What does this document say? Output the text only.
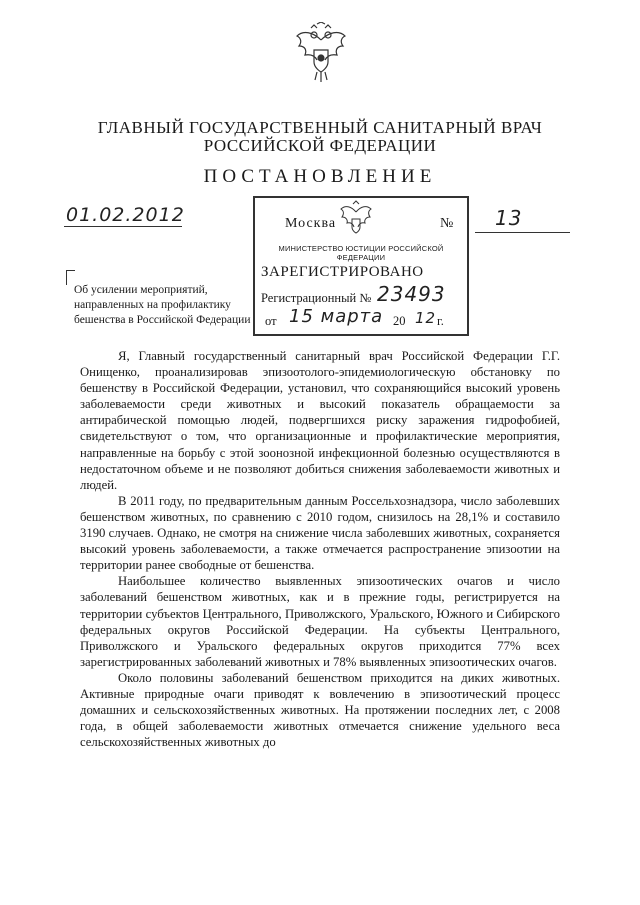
ГЛАВНЫЙ ГОСУДАРСТВЕННЫЙ САНИТАРНЫЙ ВРАЧ
РОССИЙСКОЙ ФЕДЕРАЦИИ
ПОСТАНОВЛЕНИЕ
01.02.2012	Москва
МИНИСТЕРСТВО ЮСТИЦИИ РОССИЙСКОЙ ФЕДЕРАЦИИ
ЗАРЕГИСТРИРОВАНО
Регистрационный № 23493
от 15 марта 20 12 г.
№ 13
Об усилении мероприятий, направленных на профилактику бешенства в Российской Федерации

Я, Главный государственный санитарный врач Российской Федерации Г.Г. Онищенко, проанализировав эпизоотолого-эпидемиологическую обстановку по бешенству в Российской Федерации, установил, что сохраняющийся высокий уровень заболеваемости среди животных и высокий показатель обращаемости за антирабической помощью людей, подвергшихся риску заражения гидрофобией, свидетельствуют о том, что организационные и профилактические мероприятия, направленные на борьбу с этой зоонозной инфекционной болезнью осуществляются в недостаточном объеме и не позволяют добиться снижения заболеваемости животных и людей.

В 2011 году, по предварительным данным Россельхознадзора, число заболевших бешенством животных, по сравнению с 2010 годом, снизилось на 28,1% и составило 3190 случаев. Однако, не смотря на снижение числа заболевших животных, сохраняется высокий уровень заболеваемости, а также отмечается распространение эпизоотии на территории ранее свободные от бешенства.

Наибольшее количество выявленных эпизоотических очагов и число заболеваний бешенством животных, как и в прежние годы, регистрируется на территории субъектов Центрального, Приволжского, Уральского, Южного и Сибирского федеральных округов Российской Федерации. На субъекты Центрального, Приволжского и Уральского федеральных округов приходится 77% всех зарегистрированных заболеваний животных и 78% выявленных эпизоотических очагов.

Около половины заболеваний бешенством приходится на диких животных. Активные природные очаги приводят к вовлечению в эпизоотический процесс домашних и сельскохозяйственных животных. На протяжении последних лет, с 2008 года, в общей заболеваемости животных отмечается снижение удельного веса сельскохозяйственных животных до
